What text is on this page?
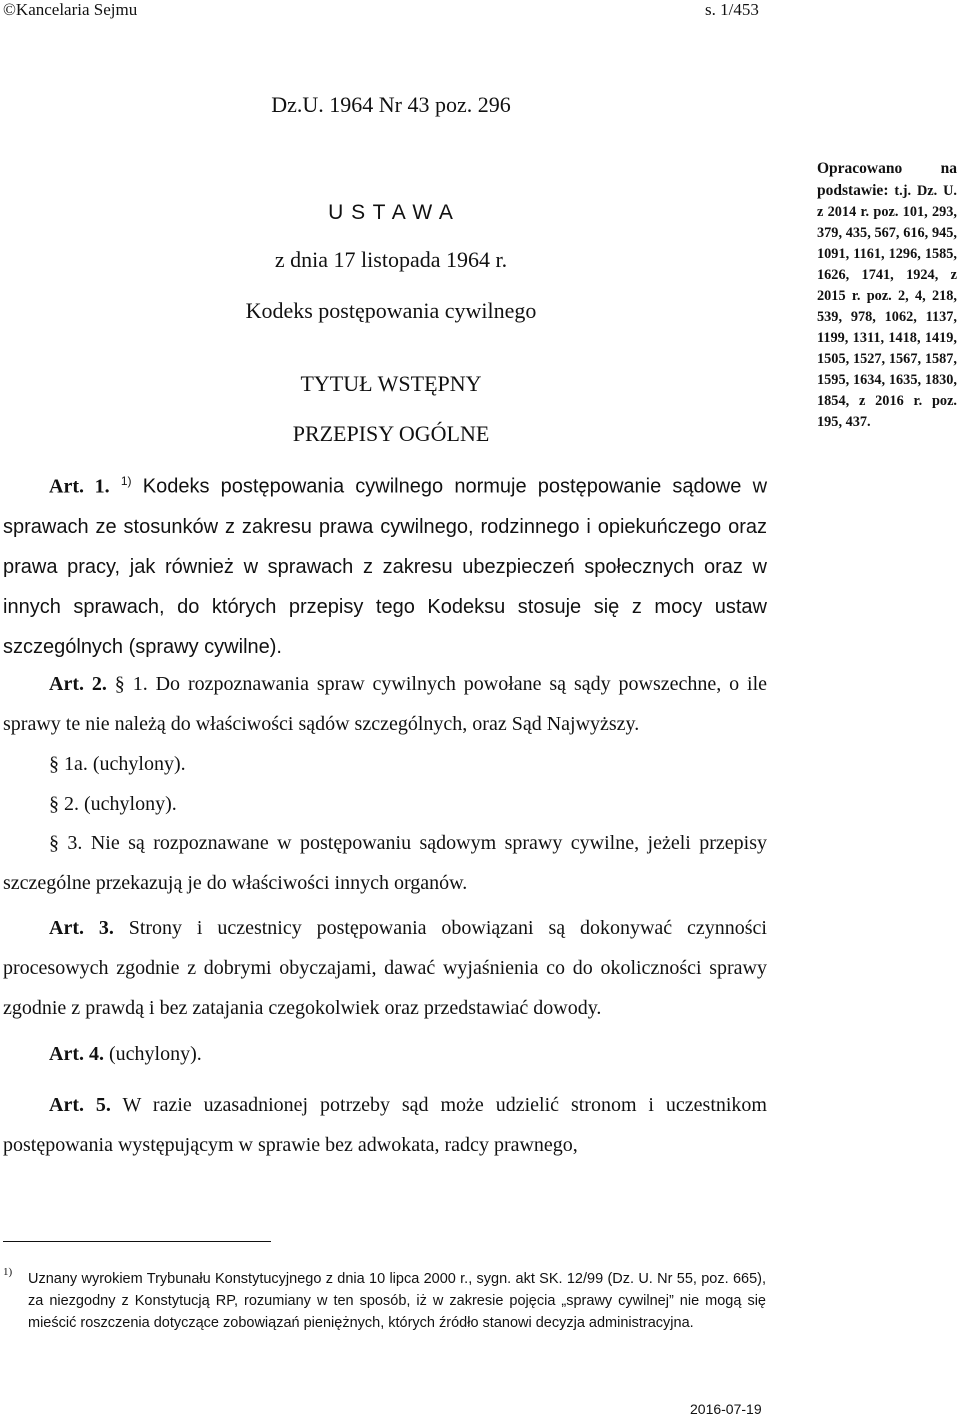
©Kancelaria Sejmu	s. 1/453
Dz.U. 1964 Nr 43 poz. 296
U S T A W A
z dnia 17 listopada 1964 r.
Kodeks postępowania cywilnego
TYTUŁ WSTĘPNY
PRZEPISY OGÓLNE
Opracowano na podstawie: t.j. Dz. U. z 2014 r. poz. 101, 293, 379, 435, 567, 616, 945, 1091, 1161, 1296, 1585, 1626, 1741, 1924, z 2015 r. poz. 2, 4, 218, 539, 978, 1062, 1137, 1199, 1311, 1418, 1419, 1505, 1527, 1567, 1587, 1595, 1634, 1635, 1830, 1854, z 2016 r. poz. 195, 437.
Art. 1. $^{1)}$ Kodeks postępowania cywilnego normuje postępowanie sądowe w sprawach ze stosunków z zakresu prawa cywilnego, rodzinnego i opiekuńczego oraz prawa pracy, jak również w sprawach z zakresu ubezpieczeń społecznych oraz w innych sprawach, do których przepisy tego Kodeksu stosuje się z mocy ustaw szczególnych (sprawy cywilne).
Art. 2. § 1. Do rozpoznawania spraw cywilnych powołane są sądy powszechne, o ile sprawy te nie należą do właściwości sądów szczególnych, oraz Sąd Najwyższy.
§ 1a. (uchylony).
§ 2. (uchylony).
§ 3. Nie są rozpoznawane w postępowaniu sądowym sprawy cywilne, jeżeli przepisy szczególne przekazują je do właściwości innych organów.
Art. 3. Strony i uczestnicy postępowania obowiązani są dokonywać czynności procesowych zgodnie z dobrymi obyczajami, dawać wyjaśnienia co do okoliczności sprawy zgodnie z prawdą i bez zatajania czegokolwiek oraz przedstawiać dowody.
Art. 4. (uchylony).
Art. 5. W razie uzasadnionej potrzeby sąd może udzielić stronom i uczestnikom postępowania występującym w sprawie bez adwokata, radcy prawnego,
1) Uznany wyrokiem Trybunału Konstytucyjnego z dnia 10 lipca 2000 r., sygn. akt SK. 12/99 (Dz. U. Nr 55, poz. 665), za niezgodny z Konstytucją RP, rozumiany w ten sposób, iż w zakresie pojęcia „sprawy cywilnej” nie mogą się mieścić roszczenia dotyczące zobowiązań pieniężnych, których źródło stanowi decyzja administracyjna.
2016-07-19
